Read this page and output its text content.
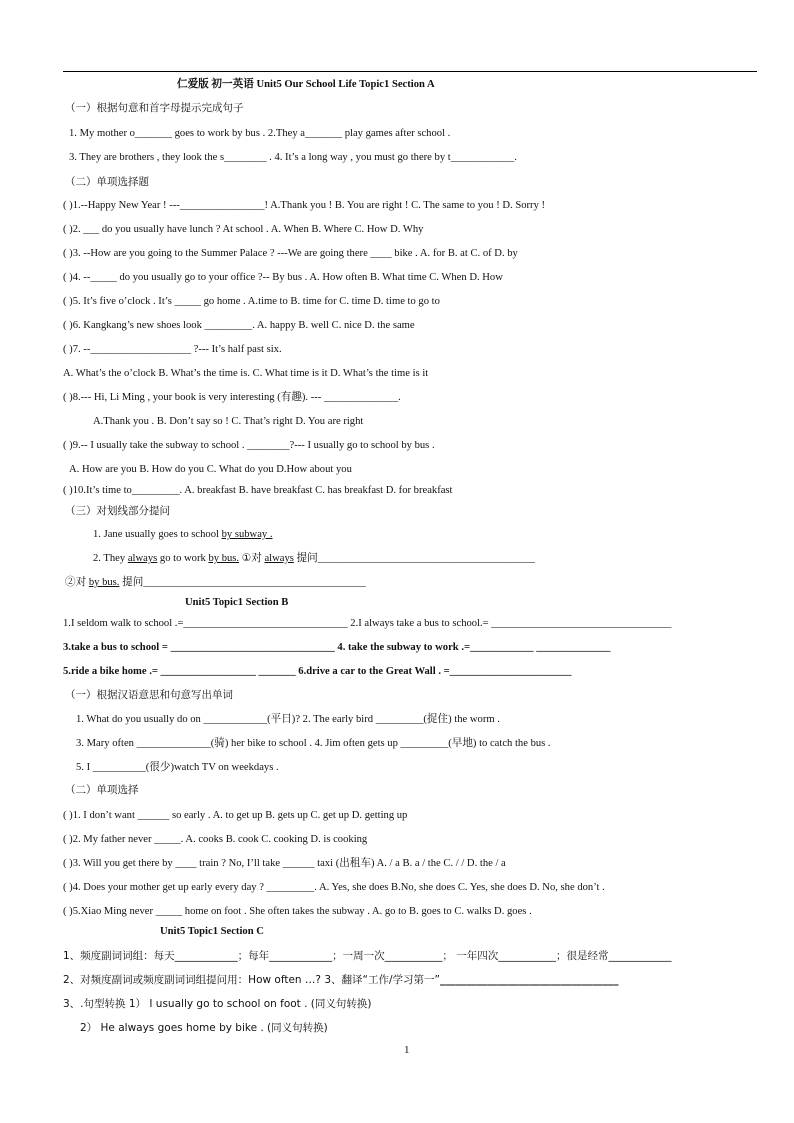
仁爱版 初一英语 Unit5 Our School Life Topic1 Section A
（一）根据句意和首字母提示完成句子
1. My mother o_______ goes to work by bus . 2.They a_______ play games after school .
3. They are brothers , they look the s________ . 4. It’s a long way , you must go there by t____________.
（二）单项选择题
( )1.--Happy New Year ! ---________________! A.Thank you ! B. You are right ! C. The same to you ! D. Sorry !
( )2. ___ do you usually have lunch ? At school . A. When B. Where C. How D. Why
( )3. --How are you going to the Summer Palace ? ---We are going there ____ bike . A. for B. at C. of D. by
( )4. --_____ do you usually go to your office ?-- By bus . A. How often B. What time C. When D. How
( )5. It’s five o’clock . It’s _____ go home . A.time to B. time for C. time D. time to go to
( )6. Kangkang’s new shoes look _________. A. happy B. well C. nice D. the same
( )7. --___________________ ?--- It’s half past six.
A. What’s the o’clock B. What’s the time is. C. What time is it D. What’s the time is it
( )8.--- Hi, Li Ming , your book is very interesting (有趣). --- ______________.
A.Thank you . B. Don’t say so ! C. That’s right D. You are right
( )9.-- I usually take the subway to school . ________?--- I usually go to school by bus .
A. How are you B. How do you C. What do you D.How about you
( )10.It’s time to_________. A. breakfast B. have breakfast C. has breakfast D. for breakfast
（三）对划线部分提问
1. Jane usually goes to school by subway .
2. They always go to work by bus. ①对 always 提问_________________________________________
②对 by bus. 提问__________________________________________
Unit5 Topic1 Section B
1.I seldom walk to school .=_______________________________ 2.I always take a bus to school.= __________________________________
3.take a bus to school = _______________________________ 4. take the subway to work .=____________ ______________
5.ride a bike home .= __________________ _______ 6.drive a car to the Great Wall . =_______________________
（一）根据汉语意思和句意写出单词
1. What do you usually do on ____________(平日)? 2. The early bird _________(捉住) the worm .
3. Mary often ______________(骑) her bike to school . 4. Jim often gets up _________(早地) to catch the bus .
5. I __________(很少)watch TV on weekdays .
（二）单项选择
( )1. I don’t want ______ so early . A. to get up B. gets up C. get up D. getting up
( )2. My father never _____. A. cooks B. cook C. cooking D. is cooking
( )3. Will you get there by ____ train ? No, I’ll take ______ taxi (出租车) A. / a B. a / the C. / / D. the / a
( )4. Does your mother get up early every day ? _________. A. Yes, she does B.No, she does C. Yes, she does D. No, she don’t .
( )5.Xiao Ming never _____ home on foot . She often takes the subway . A. go to B. goes to C. walks D. goes .
Unit5 Topic1 Section C
1、频度副词词组：每天____________；每年____________；一周一次___________； 一年四次___________；很是经常____________
2、对频度副词或频度副词词组提问用：How often …? 3、翻译“工作/学习第一”__________________________________
3、.句型转换 1） I usually go to school on foot . (同义句转换)
2） He always goes home by bike . (同义句转换)
1
